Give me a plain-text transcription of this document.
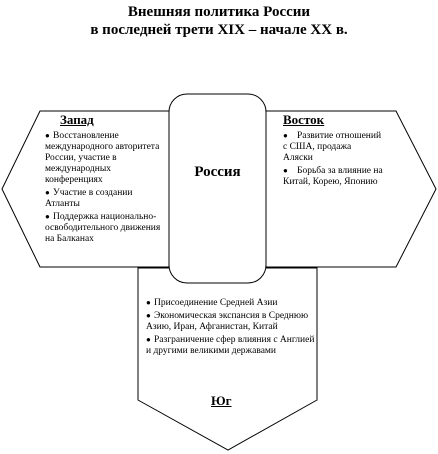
Внешняя политика России
в последней трети XIX – начале XX в.
Россия
Запад
● Восстановление международного авторитета России, участие в международных конференциях
● Участие в создании Атланты
● Поддержка национально-освободительного движения на Балканах
Восток
● Развитие отношений с США, продажа Аляски
● Борьба за влияние на Китай, Корею, Японию
● Присоединение Средней Азии
● Экономическая экспансия в Среднюю Азию, Иран, Афганистан, Китай
● Разграничение сфер влияния с Англией и другими великими державами
Юг
